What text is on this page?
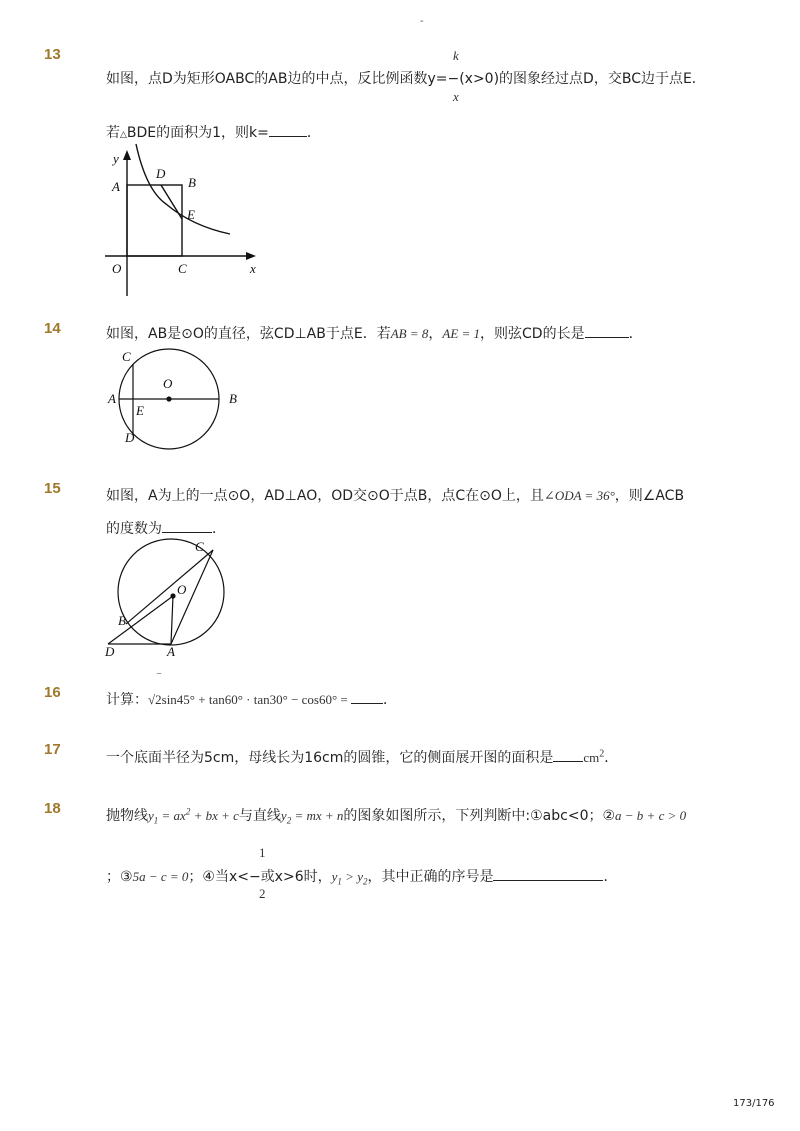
-
13	k
如图，点D为矩形OABC的AB边的中点，反比例函数y=−(x>0)的图象经过点D，交BC边于点E．
x
若△BDE的面积为1，则k=	．
y
x
O
A	B
C
D
E
14	如图，AB是⊙O的直径，弦CD⊥AB于点E．若AB = 8，AE = 1，则弦CD的长是	．
A	B
C
D
E
O
15	如图，A为上的一点⊙O，AD⊥AO，OD交⊙O于点B，点C在⊙O上，且∠ODA = 36°，则∠ACB
的度数为	．
C
O
B
D	A
16
‾
计算：√2sin45° + tan60° · tan30° − cos60° = ．
17	一个底面半径为5cm，母线长为16cm的圆锥，它的侧面展开图的面积是 $cm^2$．
18	抛物线$y_1 = ax^2$ + bx + c与直线$y_2$ = mx + n的图象如图所示，下列判断中:①abc<0；②a − b + c > 0
1
；③5a − c = 0；④当x<−或x>6时，$y_1 > y_2$，其中正确的序号是	．
2
173/176
